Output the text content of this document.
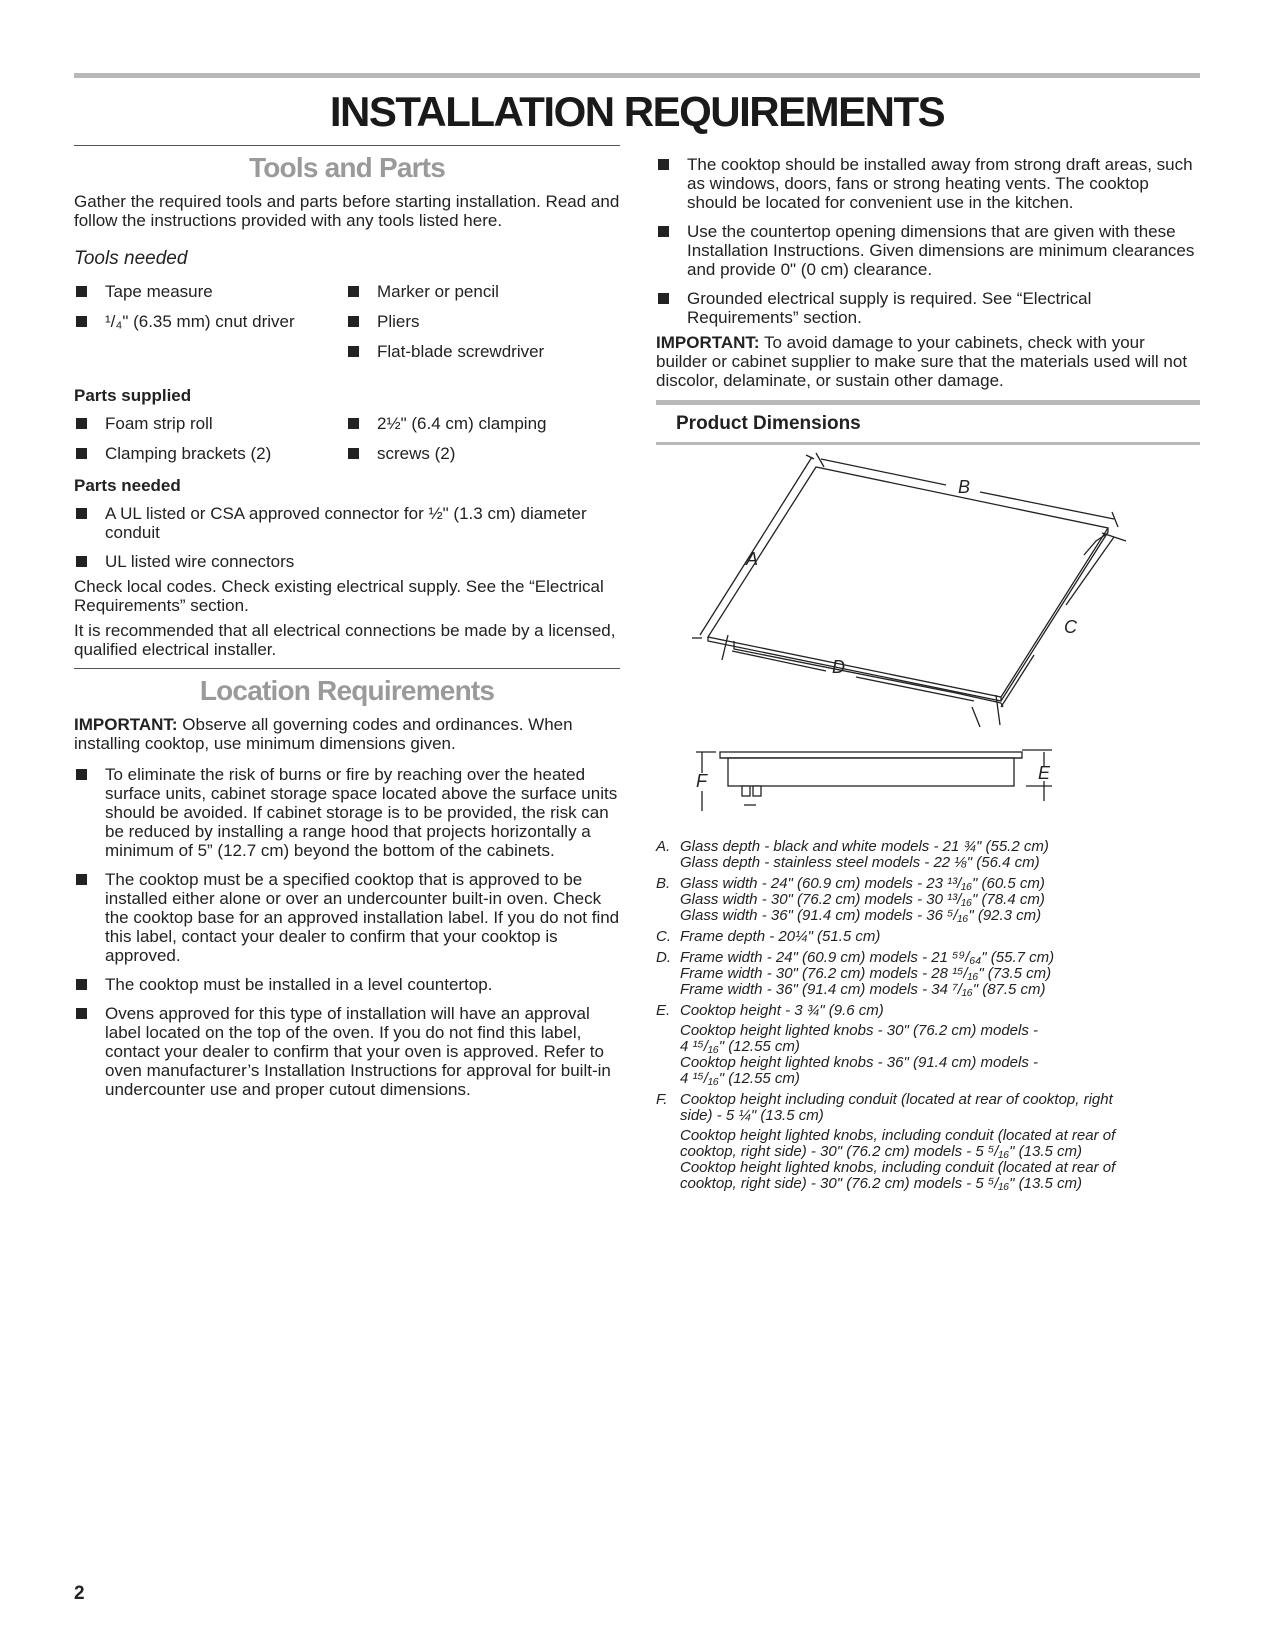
INSTALLATION REQUIREMENTS
Tools and Parts

Gather the required tools and parts before starting installation. Read and follow the instructions provided with any tools listed here.

Tools needed
Tape measure
¹/₄" (6.35 mm) cnut driver
Marker or pencil
Pliers
Flat-blade screwdriver
Parts supplied
Foam strip roll
Clamping brackets (2)
2½" (6.4 cm) clamping
screws (2)
Parts needed
A UL listed or CSA approved connector for ½" (1.3 cm) diameter conduit
UL listed wire connectors

Check local codes. Check existing electrical supply. See the “Electrical Requirements” section.

It is recommended that all electrical connections be made by a licensed, qualified electrical installer.

Location Requirements

IMPORTANT: Observe all governing codes and ordinances. When installing cooktop, use minimum dimensions given.

To eliminate the risk of burns or fire by reaching over the heated surface units, cabinet storage space located above the surface units should be avoided. If cabinet storage is to be provided, the risk can be reduced by installing a range hood that projects horizontally a minimum of 5” (12.7 cm) beyond the bottom of the cabinets.
The cooktop must be a specified cooktop that is approved to be installed either alone or over an undercounter built-in oven. Check the cooktop base for an approved installation label. If you do not find this label, contact your dealer to confirm that your cooktop is approved.
The cooktop must be installed in a level countertop.
Ovens approved for this type of installation will have an approval label located on the top of the oven. If you do not find this label, contact your dealer to confirm that your oven is approved. Refer to oven manufacturer’s Installation Instructions for approval for built-in undercounter use and proper cutout dimensions.
The cooktop should be installed away from strong draft areas, such as windows, doors, fans or strong heating vents. The cooktop should be located for convenient use in the kitchen.
Use the countertop opening dimensions that are given with these Installation Instructions. Given dimensions are minimum clearances and provide 0" (0 cm) clearance.
Grounded electrical supply is required. See “Electrical Requirements” section.

IMPORTANT: To avoid damage to your cabinets, check with your builder or cabinet supplier to make sure that the materials used will not discolor, delaminate, or sustain other damage.

Product Dimensions
A
B
C
D
E
F
A. Glass depth - black and white models - 21 ¾" (55.2 cm)
Glass depth - stainless steel models - 22 ⅛" (56.4 cm)
B. Glass width - 24" (60.9 cm) models - 23 ¹³/₁₆" (60.5 cm)
Glass width - 30" (76.2 cm) models - 30 ¹³/₁₆" (78.4 cm)
Glass width - 36" (91.4 cm) models - 36 ⁵/₁₆" (92.3 cm)
C. Frame depth - 20¼" (51.5 cm)
D. Frame width - 24" (60.9 cm) models - 21 ⁵⁹/₆₄" (55.7 cm)
Frame width - 30" (76.2 cm) models - 28 ¹⁵/₁₆" (73.5 cm)
Frame width - 36" (91.4 cm) models - 34 ⁷/₁₆" (87.5 cm)
E. Cooktop height - 3 ¾" (9.6 cm)
Cooktop height lighted knobs - 30" (76.2 cm) models -
4 ¹⁵/₁₆" (12.55 cm)
Cooktop height lighted knobs - 36" (91.4 cm) models -
4 ¹⁵/₁₆" (12.55 cm)
F. Cooktop height including conduit (located at rear of cooktop, right
side) - 5 ¼" (13.5 cm)
Cooktop height lighted knobs, including conduit (located at rear of
cooktop, right side) - 30" (76.2 cm) models - 5 ⁵/₁₆" (13.5 cm)
Cooktop height lighted knobs, including conduit (located at rear of
cooktop, right side) - 30" (76.2 cm) models - 5 ⁵/₁₆" (13.5 cm)
2
